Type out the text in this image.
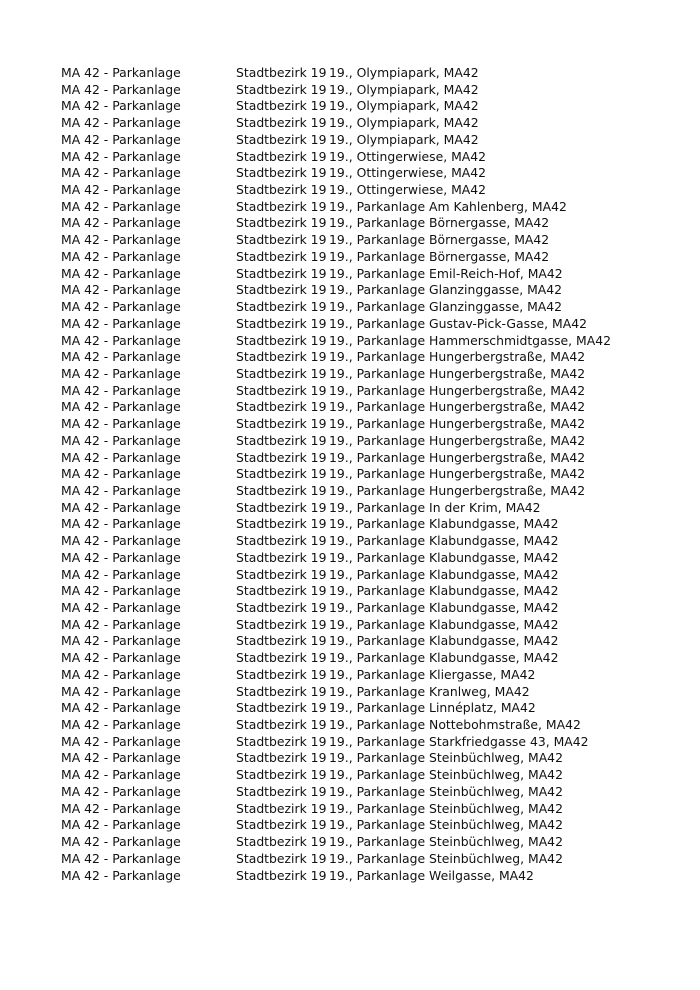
MA 42 - Parkanlage	Stadtbezirk 19	19., Olympiapark, MA42
MA 42 - Parkanlage	Stadtbezirk 19	19., Olympiapark, MA42
MA 42 - Parkanlage	Stadtbezirk 19	19., Olympiapark, MA42
MA 42 - Parkanlage	Stadtbezirk 19	19., Olympiapark, MA42
MA 42 - Parkanlage	Stadtbezirk 19	19., Olympiapark, MA42
MA 42 - Parkanlage	Stadtbezirk 19	19., Ottingerwiese, MA42
MA 42 - Parkanlage	Stadtbezirk 19	19., Ottingerwiese, MA42
MA 42 - Parkanlage	Stadtbezirk 19	19., Ottingerwiese, MA42
MA 42 - Parkanlage	Stadtbezirk 19	19., Parkanlage Am Kahlenberg, MA42
MA 42 - Parkanlage	Stadtbezirk 19	19., Parkanlage Börnergasse, MA42
MA 42 - Parkanlage	Stadtbezirk 19	19., Parkanlage Börnergasse, MA42
MA 42 - Parkanlage	Stadtbezirk 19	19., Parkanlage Börnergasse, MA42
MA 42 - Parkanlage	Stadtbezirk 19	19., Parkanlage Emil-Reich-Hof, MA42
MA 42 - Parkanlage	Stadtbezirk 19	19., Parkanlage Glanzinggasse, MA42
MA 42 - Parkanlage	Stadtbezirk 19	19., Parkanlage Glanzinggasse, MA42
MA 42 - Parkanlage	Stadtbezirk 19	19., Parkanlage Gustav-Pick-Gasse, MA42
MA 42 - Parkanlage	Stadtbezirk 19	19., Parkanlage Hammerschmidtgasse, MA42
MA 42 - Parkanlage	Stadtbezirk 19	19., Parkanlage Hungerbergstraße, MA42
MA 42 - Parkanlage	Stadtbezirk 19	19., Parkanlage Hungerbergstraße, MA42
MA 42 - Parkanlage	Stadtbezirk 19	19., Parkanlage Hungerbergstraße, MA42
MA 42 - Parkanlage	Stadtbezirk 19	19., Parkanlage Hungerbergstraße, MA42
MA 42 - Parkanlage	Stadtbezirk 19	19., Parkanlage Hungerbergstraße, MA42
MA 42 - Parkanlage	Stadtbezirk 19	19., Parkanlage Hungerbergstraße, MA42
MA 42 - Parkanlage	Stadtbezirk 19	19., Parkanlage Hungerbergstraße, MA42
MA 42 - Parkanlage	Stadtbezirk 19	19., Parkanlage Hungerbergstraße, MA42
MA 42 - Parkanlage	Stadtbezirk 19	19., Parkanlage Hungerbergstraße, MA42
MA 42 - Parkanlage	Stadtbezirk 19	19., Parkanlage In der Krim, MA42
MA 42 - Parkanlage	Stadtbezirk 19	19., Parkanlage Klabundgasse, MA42
MA 42 - Parkanlage	Stadtbezirk 19	19., Parkanlage Klabundgasse, MA42
MA 42 - Parkanlage	Stadtbezirk 19	19., Parkanlage Klabundgasse, MA42
MA 42 - Parkanlage	Stadtbezirk 19	19., Parkanlage Klabundgasse, MA42
MA 42 - Parkanlage	Stadtbezirk 19	19., Parkanlage Klabundgasse, MA42
MA 42 - Parkanlage	Stadtbezirk 19	19., Parkanlage Klabundgasse, MA42
MA 42 - Parkanlage	Stadtbezirk 19	19., Parkanlage Klabundgasse, MA42
MA 42 - Parkanlage	Stadtbezirk 19	19., Parkanlage Klabundgasse, MA42
MA 42 - Parkanlage	Stadtbezirk 19	19., Parkanlage Klabundgasse, MA42
MA 42 - Parkanlage	Stadtbezirk 19	19., Parkanlage Kliergasse, MA42
MA 42 - Parkanlage	Stadtbezirk 19	19., Parkanlage Kranlweg, MA42
MA 42 - Parkanlage	Stadtbezirk 19	19., Parkanlage Linnéplatz, MA42
MA 42 - Parkanlage	Stadtbezirk 19	19., Parkanlage Nottebohmstraße, MA42
MA 42 - Parkanlage	Stadtbezirk 19	19., Parkanlage Starkfriedgasse 43, MA42
MA 42 - Parkanlage	Stadtbezirk 19	19., Parkanlage Steinbüchlweg, MA42
MA 42 - Parkanlage	Stadtbezirk 19	19., Parkanlage Steinbüchlweg, MA42
MA 42 - Parkanlage	Stadtbezirk 19	19., Parkanlage Steinbüchlweg, MA42
MA 42 - Parkanlage	Stadtbezirk 19	19., Parkanlage Steinbüchlweg, MA42
MA 42 - Parkanlage	Stadtbezirk 19	19., Parkanlage Steinbüchlweg, MA42
MA 42 - Parkanlage	Stadtbezirk 19	19., Parkanlage Steinbüchlweg, MA42
MA 42 - Parkanlage	Stadtbezirk 19	19., Parkanlage Steinbüchlweg, MA42
MA 42 - Parkanlage	Stadtbezirk 19	19., Parkanlage Weilgasse, MA42
